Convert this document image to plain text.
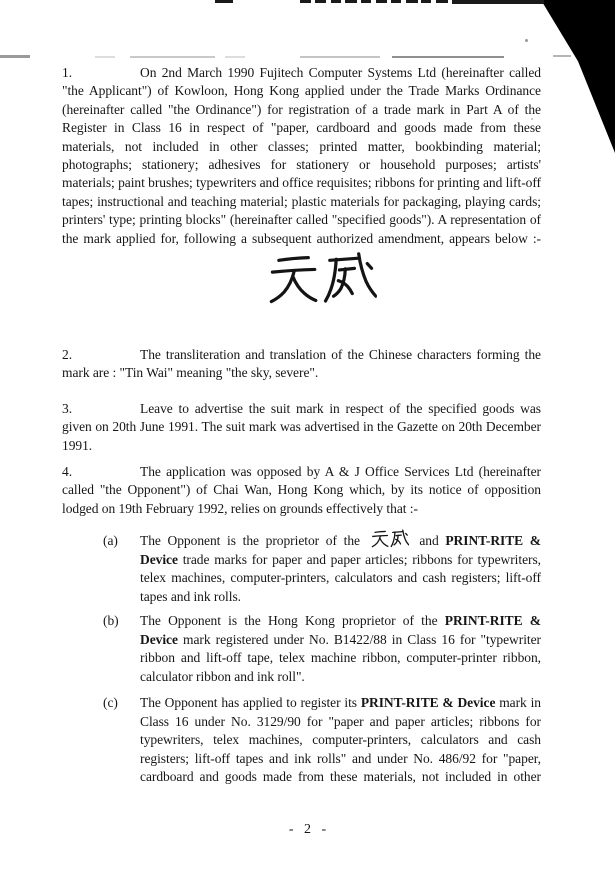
1.	On 2nd March 1990 Fujitech Computer Systems Ltd (hereinafter called "the Applicant") of Kowloon, Hong Kong applied under the Trade Marks Ordinance (hereinafter called "the Ordinance") for registration of a trade mark in Part A of the Register in Class 16 in respect of "paper, cardboard and goods made from these materials, not included in other classes; printed matter, bookbinding material; photographs; stationery; adhesives for stationery or household purposes; artists' materials; paint brushes; typewriters and office requisites; ribbons for printing and lift-off tapes; instructional and teaching material; plastic materials for packaging, playing cards; printers' type; printing blocks" (hereinafter called "specified goods"). A representation of the mark applied for, following a subsequent authorized amendment, appears below :-
2.	The transliteration and translation of the Chinese characters forming the mark are : "Tin Wai" meaning "the sky, severe".
3.	Leave to advertise the suit mark in respect of the specified goods was given on 20th June 1991. The suit mark was advertised in the Gazette on 20th December 1991.
4.	The application was opposed by A & J Office Services Ltd (hereinafter called "the Opponent") of Chai Wan, Hong Kong which, by its notice of opposition lodged on 19th February 1992, relies on grounds effectively that :-

(a) The Opponent is the proprietor of the	and PRINT-RITE & Device trade marks for paper and paper articles; ribbons for typewriters, telex machines, computer-printers, calculators and cash registers; lift-off tapes and ink rolls.

(b) The Opponent is the Hong Kong proprietor of the PRINT-RITE & Device mark registered under No. B1422/88 in Class 16 for "typewriter ribbon and lift-off tape, telex machine ribbon, computer-printer ribbon, calculator ribbon and ink roll".

(c) The Opponent has applied to register its PRINT-RITE & Device mark in Class 16 under No. 3129/90 for "paper and paper articles; ribbons for typewriters, telex machines, computer-printers, calculators and cash registers; lift-off tapes and ink rolls" and under No. 486/92 for "paper, cardboard and goods made from these materials, not included in other

- 2 -
